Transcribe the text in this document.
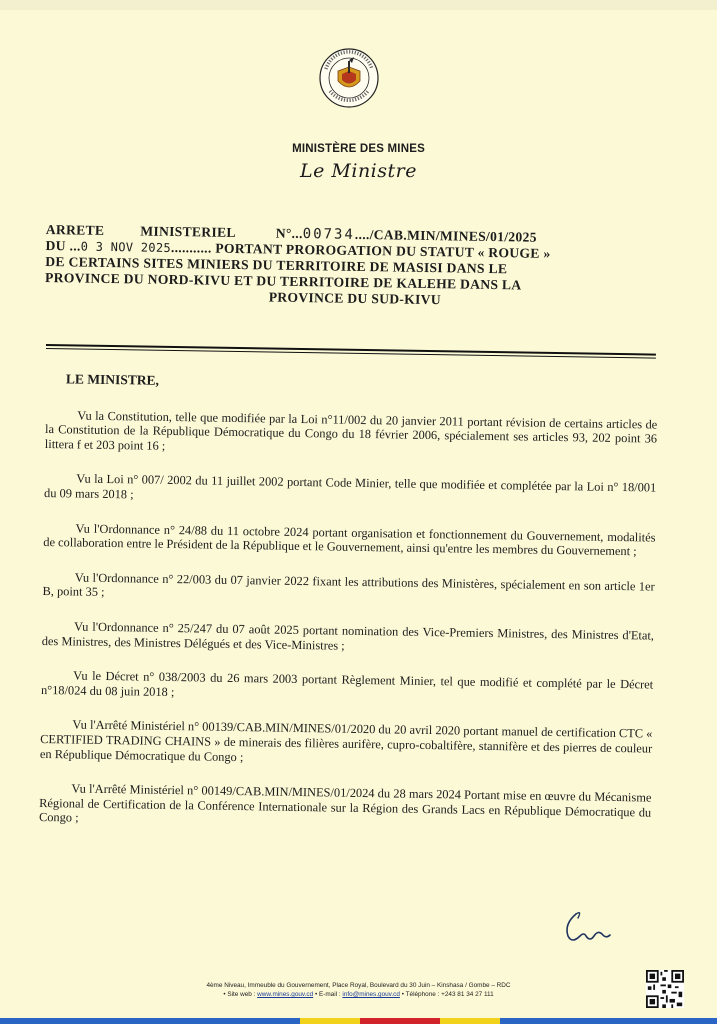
MINISTÈRE DES MINES
Le Ministre
ARRETE	MINISTERIEL	N°...00734..../CAB.MIN/MINES/01/2025
DU ...0 3 NOV 2025........... PORTANT PROROGATION DU STATUT « ROUGE »
DE CERTAINS SITES MINIERS DU TERRITOIRE DE MASISI DANS LE
PROVINCE DU NORD-KIVU ET DU TERRITOIRE DE KALEHE DANS LA
PROVINCE DU SUD-KIVU
LE MINISTRE,

Vu la Constitution, telle que modifiée par la Loi n°11/002 du 20 janvier 2011 portant révision de certains articles de la Constitution de la République Démocratique du Congo du 18 février 2006, spécialement ses articles 93, 202 point 36 littera f et 203 point 16 ;

Vu la Loi n° 007/ 2002 du 11 juillet 2002 portant Code Minier, telle que modifiée et complétée par la Loi n° 18/001 du 09 mars 2018 ;

Vu l'Ordonnance n° 24/88 du 11 octobre 2024 portant organisation et fonctionnement du Gouvernement, modalités de collaboration entre le Président de la République et le Gouvernement, ainsi qu'entre les membres du Gouvernement ;

Vu l'Ordonnance n° 22/003 du 07 janvier 2022 fixant les attributions des Ministères, spécialement en son article 1er B, point 35 ;

Vu l'Ordonnance n° 25/247 du 07 août 2025 portant nomination des Vice-Premiers Ministres, des Ministres d'Etat, des Ministres, des Ministres Délégués et des Vice-Ministres ;

Vu le Décret n° 038/2003 du 26 mars 2003 portant Règlement Minier, tel que modifié et complété par le Décret n°18/024 du 08 juin 2018 ;

Vu l'Arrêté Ministériel n° 00139/CAB.MIN/MINES/01/2020 du 20 avril 2020 portant manuel de certification CTC « CERTIFIED TRADING CHAINS » de minerais des filières aurifère, cupro-cobaltifère, stannifère et des pierres de couleur en République Démocratique du Congo ;

Vu l'Arrêté Ministériel n° 00149/CAB.MIN/MINES/01/2024 du 28 mars 2024 Portant mise en œuvre du Mécanisme Régional de Certification de la Conférence Internationale sur la Région des Grands Lacs en République Démocratique du Congo ;

4ème Niveau, Immeuble du Gouvernement, Place Royal, Boulevard du 30 Juin – Kinshasa / Gombe – RDC
• Site web : www.mines.gouv.cd • E-mail : info@mines.gouv.cd • Téléphone : +243 81 34 27 111
